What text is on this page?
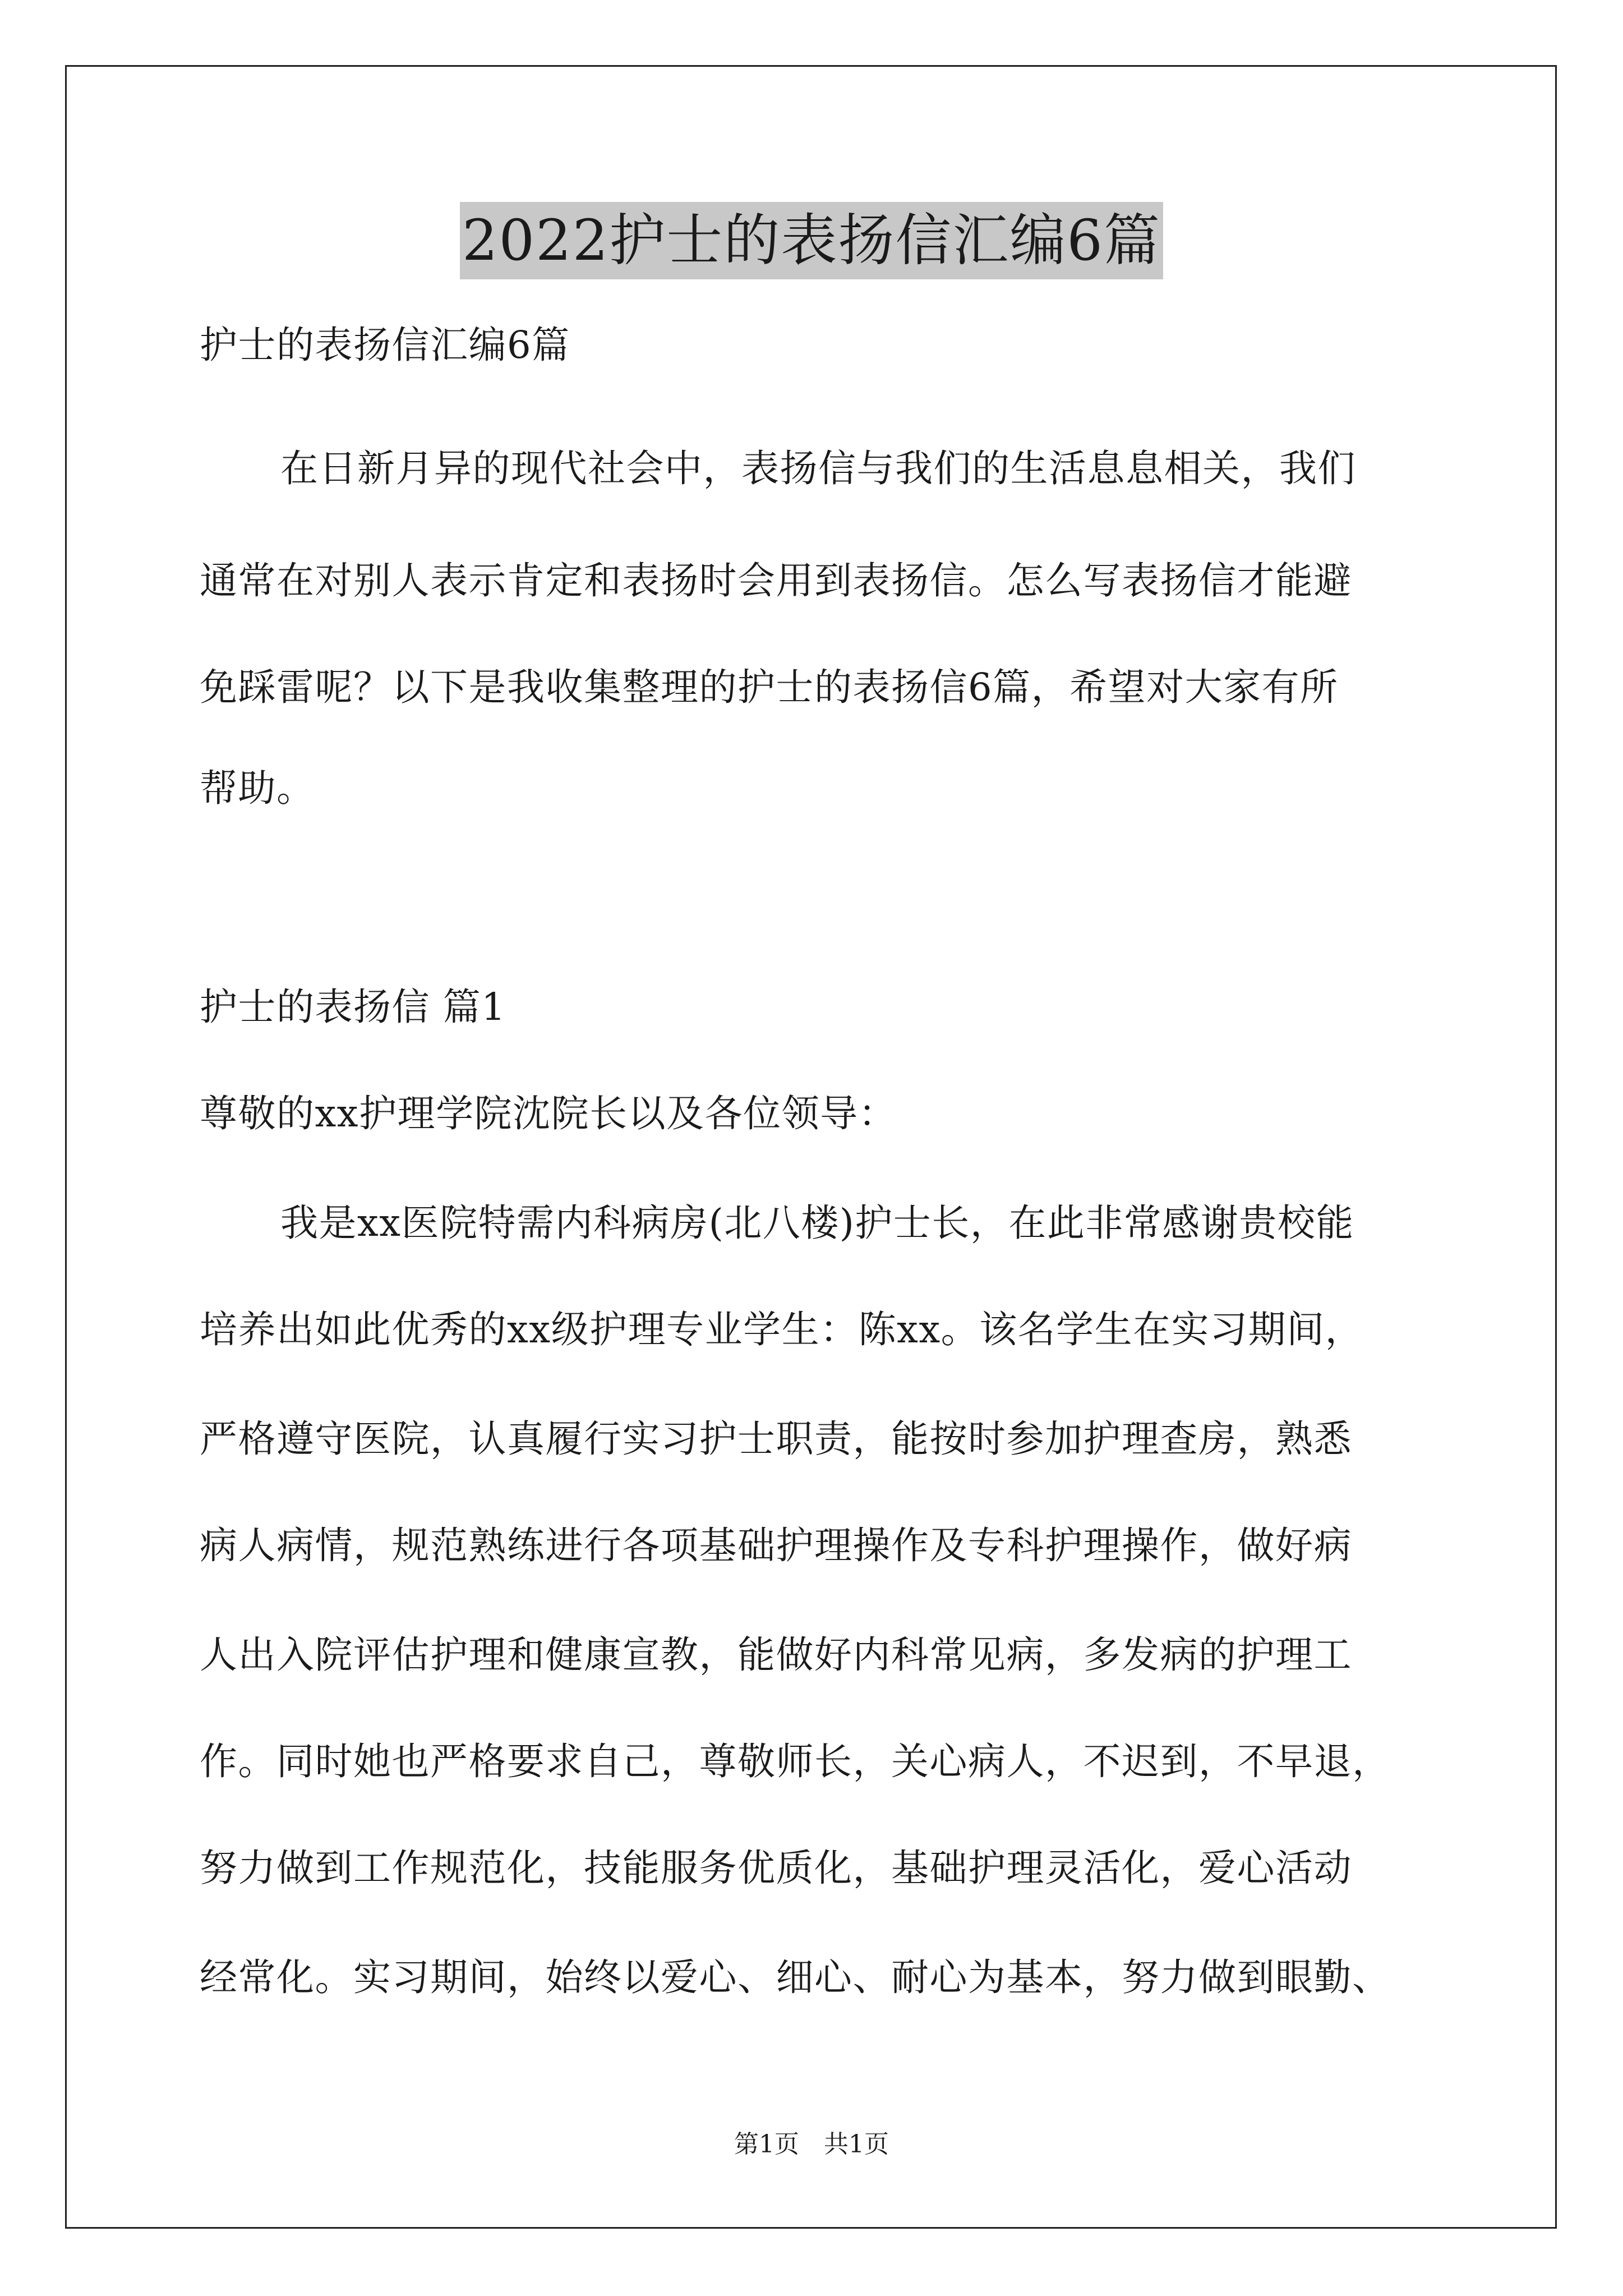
2022护士的表扬信汇编6篇
护士的表扬信汇编6篇
在日新月异的现代社会中，表扬信与我们的生活息息相关，我们
通常在对别人表示肯定和表扬时会用到表扬信。怎么写表扬信才能避
免踩雷呢？以下是我收集整理的护士的表扬信6篇，希望对大家有所
帮助。
护士的表扬信 篇1
尊敬的xx护理学院沈院长以及各位领导：
我是xx医院特需内科病房(北八楼)护士长，在此非常感谢贵校能
培养出如此优秀的xx级护理专业学生：陈xx。该名学生在实习期间，
严格遵守医院，认真履行实习护士职责，能按时参加护理查房，熟悉
病人病情，规范熟练进行各项基础护理操作及专科护理操作，做好病
人出入院评估护理和健康宣教，能做好内科常见病，多发病的护理工
作。同时她也严格要求自己，尊敬师长，关心病人，不迟到，不早退，
努力做到工作规范化，技能服务优质化，基础护理灵活化，爱心活动
经常化。实习期间，始终以爱心、细心、耐心为基本，努力做到眼勤、
第1页　共1页
